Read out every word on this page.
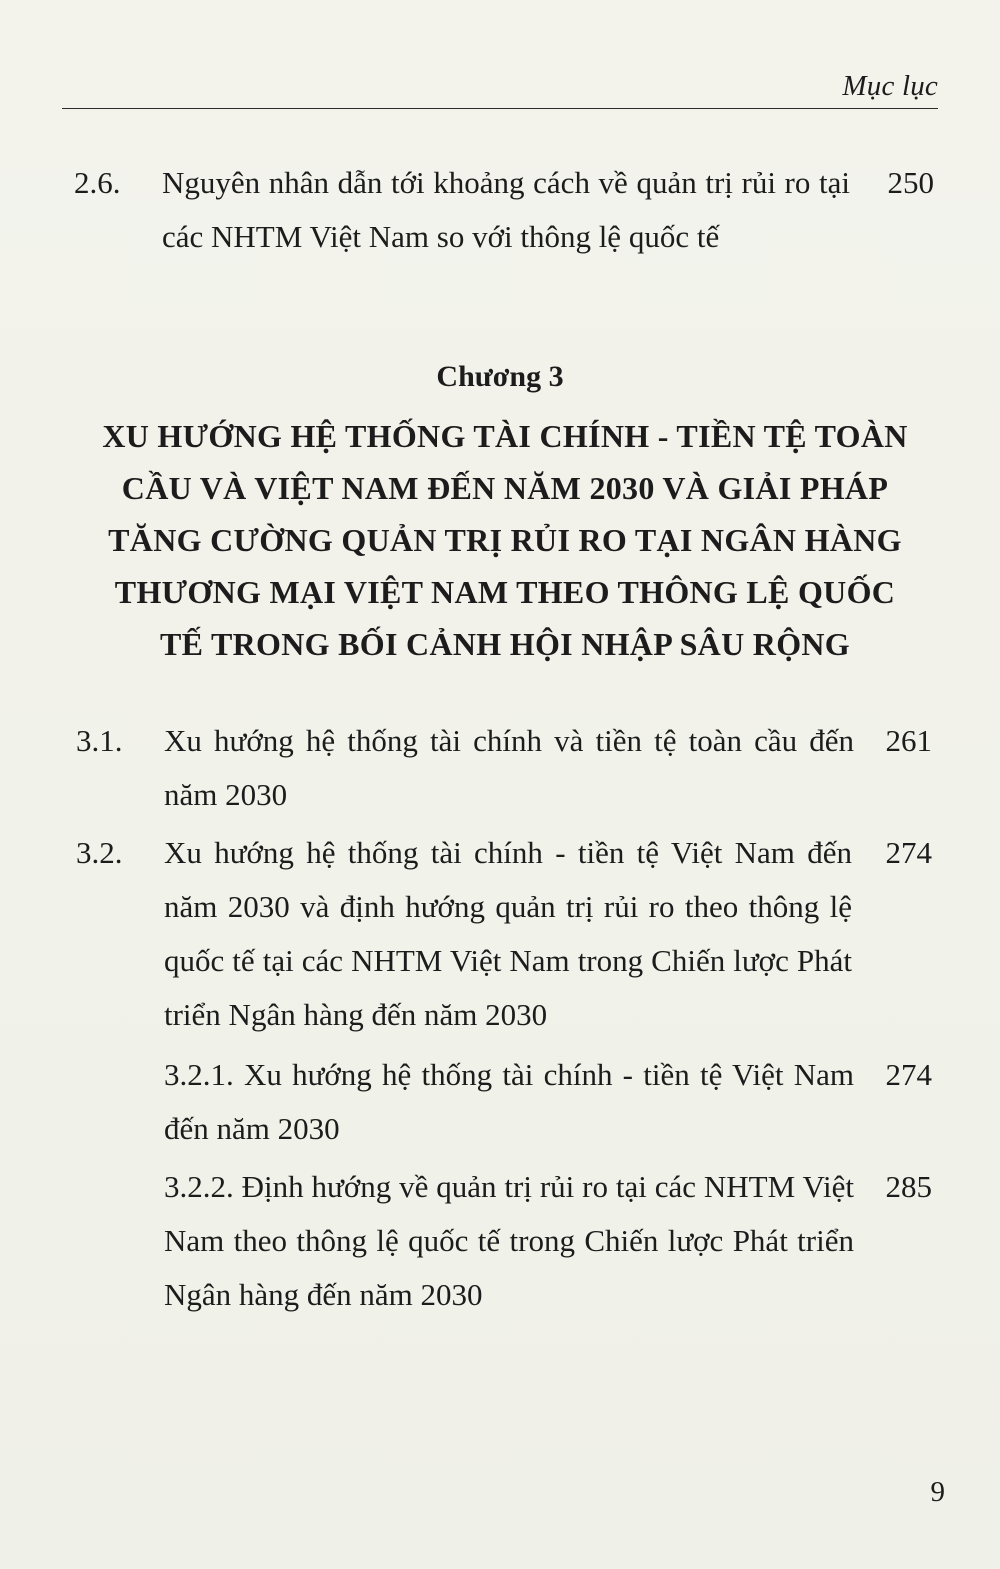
Mục lục
2.6. Nguyên nhân dẫn tới khoảng cách về quản trị rủi ro tại các NHTM Việt Nam so với thông lệ quốc tế
250
Chương 3
XU HƯỚNG HỆ THỐNG TÀI CHÍNH - TIỀN TỆ TOÀN CẦU VÀ VIỆT NAM ĐẾN NĂM 2030 VÀ GIẢI PHÁP TĂNG CƯỜNG QUẢN TRỊ RỦI RO TẠI NGÂN HÀNG THƯƠNG MẠI VIỆT NAM THEO THÔNG LỆ QUỐC TẾ TRONG BỐI CẢNH HỘI NHẬP SÂU RỘNG
3.1. Xu hướng hệ thống tài chính và tiền tệ toàn cầu đến năm 2030
261
3.2. Xu hướng hệ thống tài chính - tiền tệ Việt Nam đến năm 2030 và định hướng quản trị rủi ro theo thông lệ quốc tế tại các NHTM Việt Nam trong Chiến lược Phát triển Ngân hàng đến năm 2030
274
3.2.1. Xu hướng hệ thống tài chính - tiền tệ Việt Nam đến năm 2030
274
3.2.2. Định hướng về quản trị rủi ro tại các NHTM Việt Nam theo thông lệ quốc tế trong Chiến lược Phát triển Ngân hàng đến năm 2030
285
9
